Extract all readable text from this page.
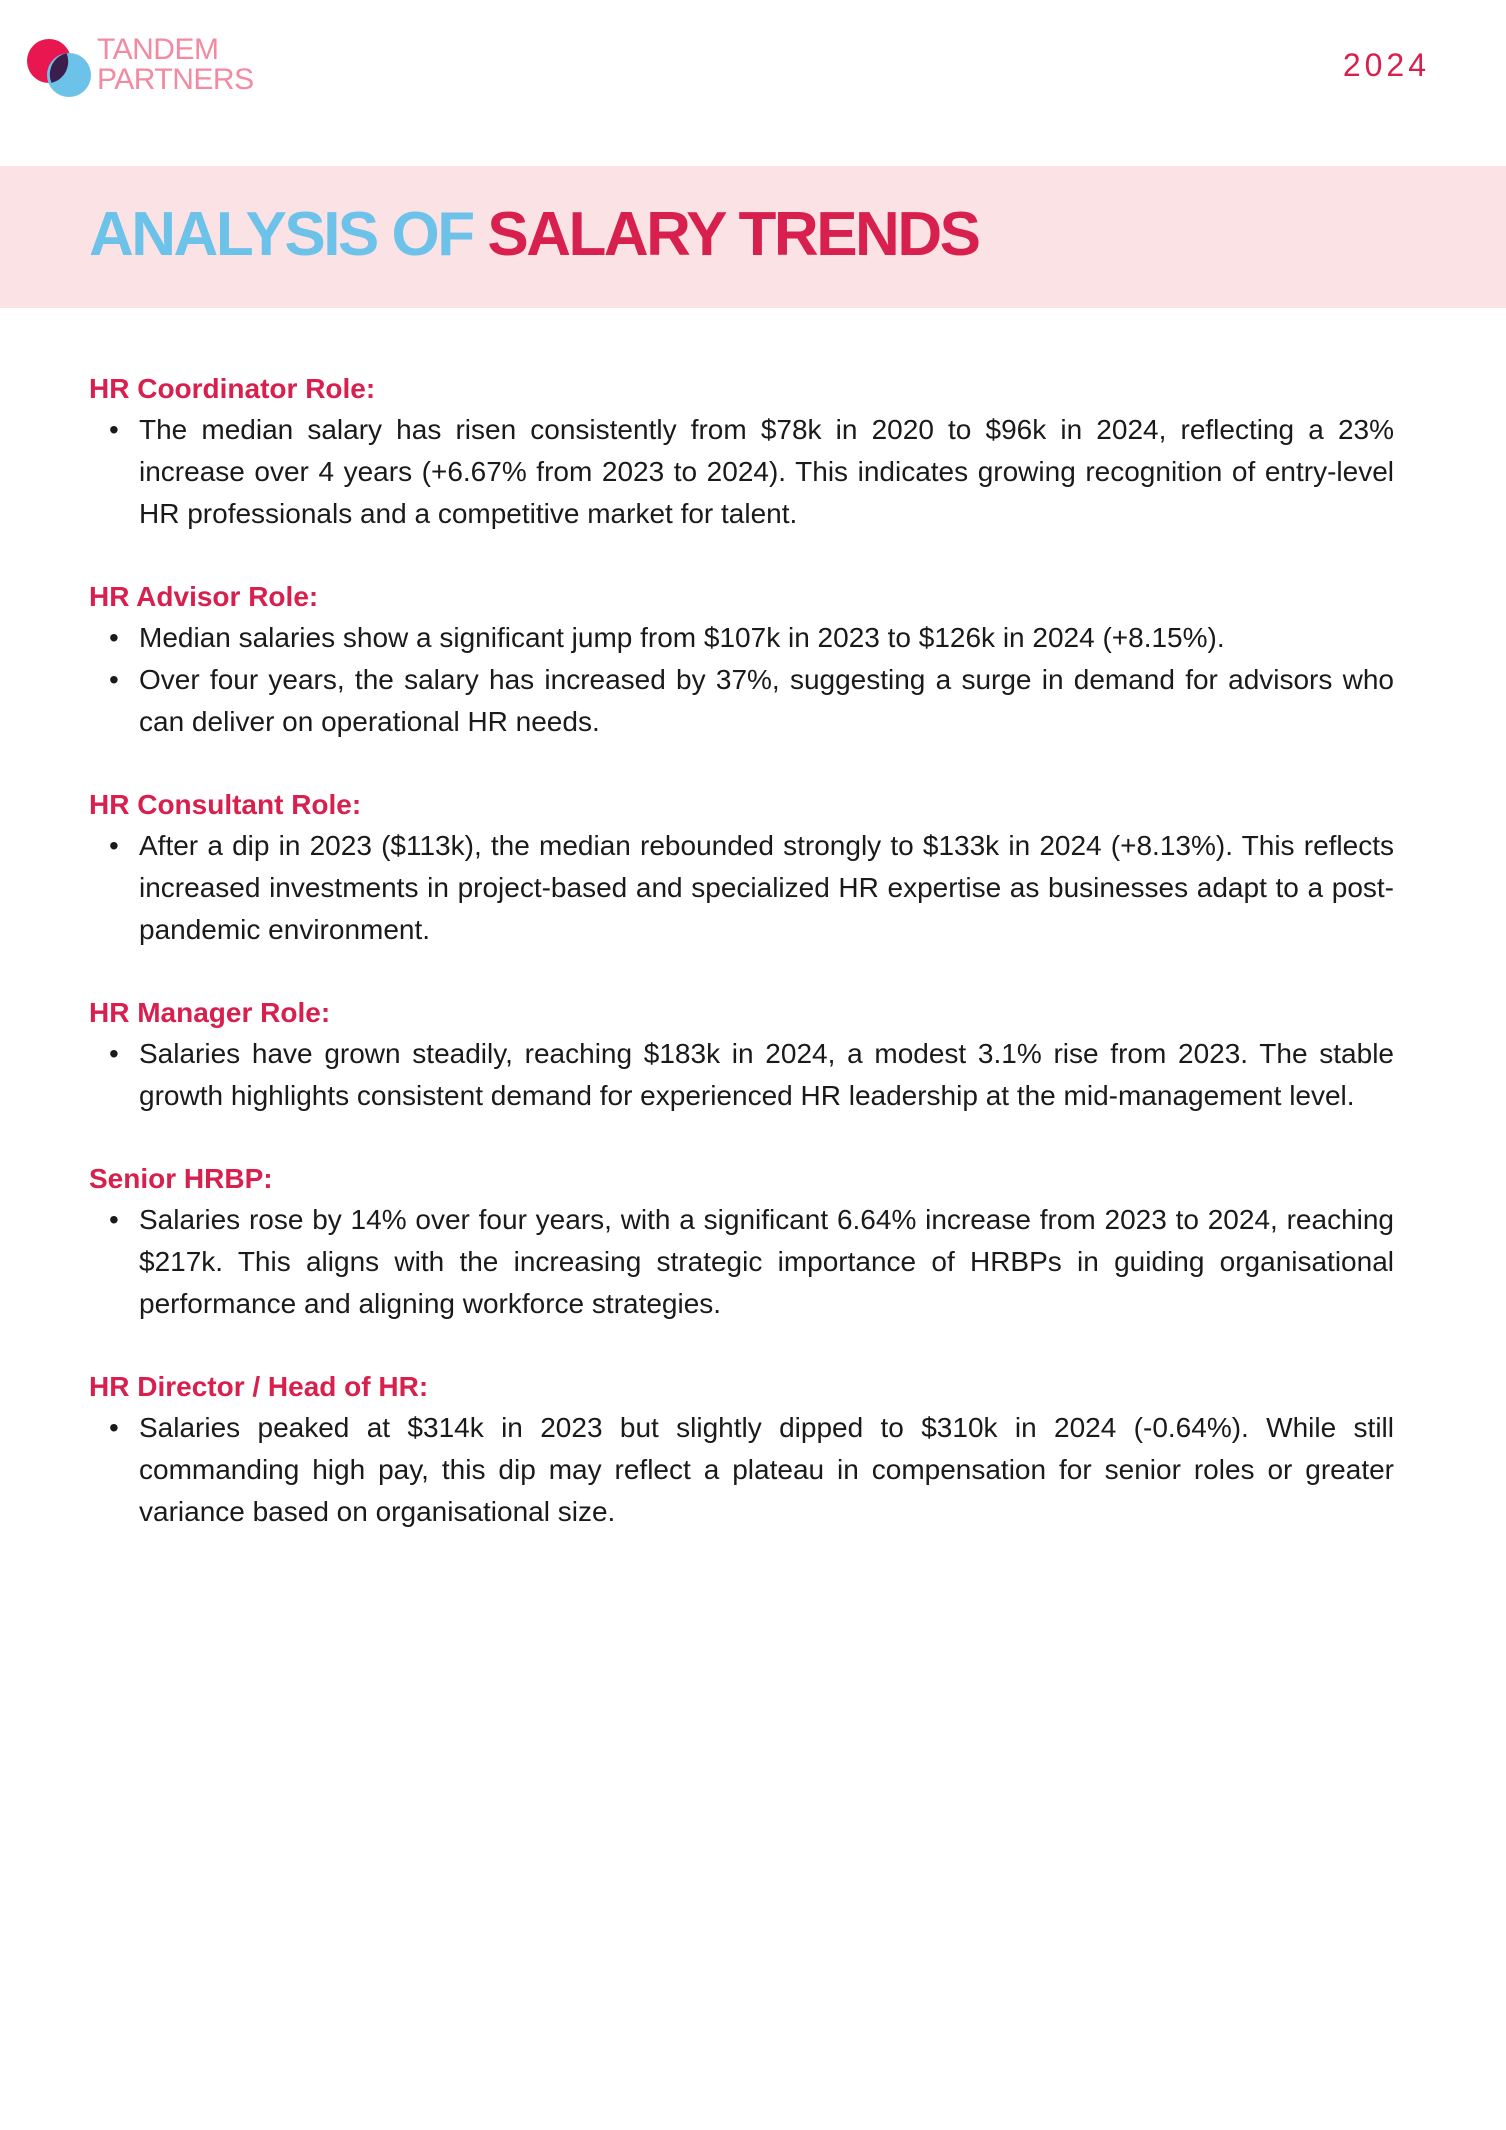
TANDEM
PARTNERS	2024
ANALYSIS OF SALARY TRENDS
HR Coordinator Role:
• The median salary has risen consistently from $78k in 2020 to $96k in 2024, reflecting a 23% increase over 4 years (+6.67% from 2023 to 2024). This indicates growing recognition of entry-level HR professionals and a competitive market for talent.
HR Advisor Role:
• Median salaries show a significant jump from $107k in 2023 to $126k in 2024 (+8.15%).
• Over four years, the salary has increased by 37%, suggesting a surge in demand for advisors who can deliver on operational HR needs.
HR Consultant Role:
• After a dip in 2023 ($113k), the median rebounded strongly to $133k in 2024 (+8.13%). This reflects increased investments in project-based and specialized HR expertise as businesses adapt to a post-pandemic environment.
HR Manager Role:
• Salaries have grown steadily, reaching $183k in 2024, a modest 3.1% rise from 2023. The stable growth highlights consistent demand for experienced HR leadership at the mid-management level.
Senior HRBP:
• Salaries rose by 14% over four years, with a significant 6.64% increase from 2023 to 2024, reaching $217k. This aligns with the increasing strategic importance of HRBPs in guiding organisational performance and aligning workforce strategies.
HR Director / Head of HR:
• Salaries peaked at $314k in 2023 but slightly dipped to $310k in 2024 (-0.64%). While still commanding high pay, this dip may reflect a plateau in compensation for senior roles or greater variance based on organisational size.
